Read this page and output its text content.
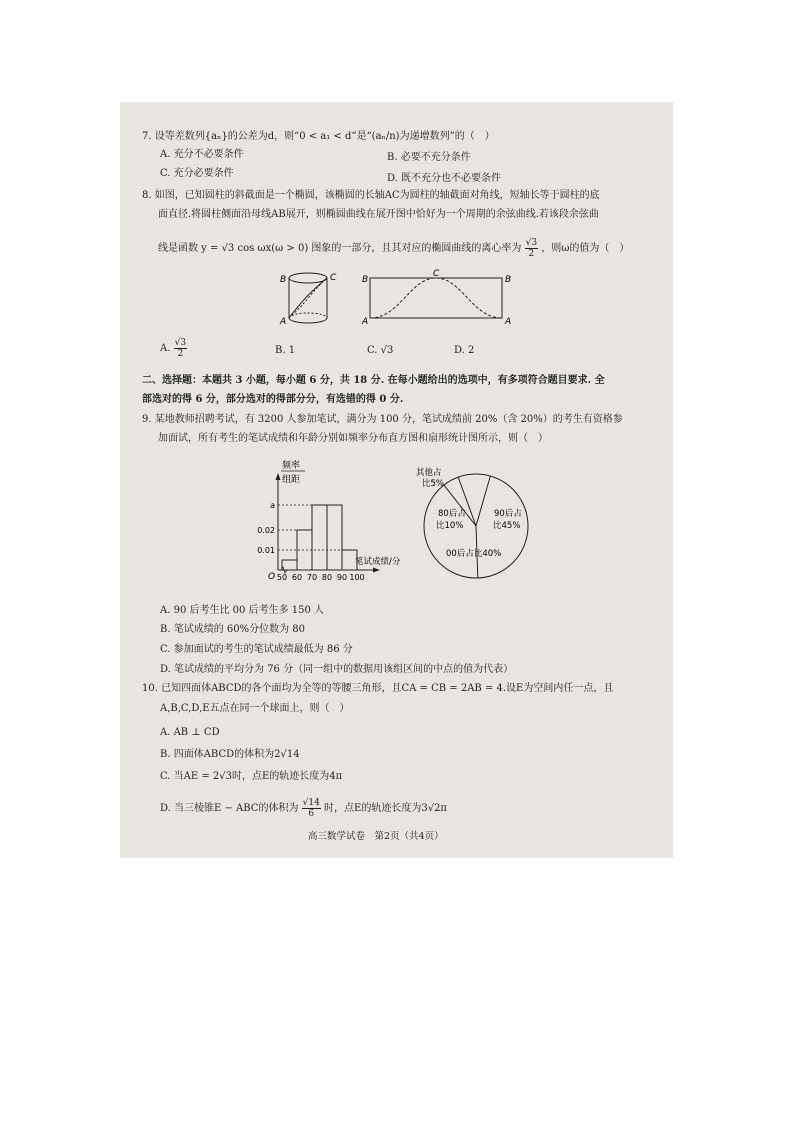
7. 设等差数列{aₙ}的公差为d，则“0 < a₁ < d”是“(aₙ/n)为递增数列”的（　）
A. 充分不必要条件	B. 必要不充分条件
C. 充分必要条件	D. 既不充分也不必要条件
8. 如图，已知圆柱的斜截面是一个椭圆，该椭圆的长轴AC为圆柱的轴截面对角线，短轴长等于圆柱的底
面直径.将圆柱侧面沿母线AB展开，则椭圆曲线在展开图中恰好为一个周期的余弦曲线.若该段余弦曲
线是函数 y = √3 cos ωx(ω > 0) 图象的一部分，且其对应的椭圆曲线的离心率为 $\frac{√3}{2}$ ，则ω的值为（　）
B	C
A
B
C
B
A	A
A. $\frac{√3}{2}$	B. 1	C. √3	D. 2
二、选择题：本题共 3 小题，每小题 6 分，共 18 分. 在每小题给出的选项中，有多项符合题目要求. 全
部选对的得 6 分，部分选对的得部分分，有选错的得 0 分.
9. 某地教师招聘考试，有 3200 人参加笔试，满分为 100 分，笔试成绩前 20%（含 20%）的考生有资格参
加面试，所有考生的笔试成绩和年龄分别如频率分布直方图和扇形统计图所示，则（　）
频率
组距
O
0.01
0.02
a
50 60 70 80 90 100
笔试成绩/分
其他占
比5%
80后占
比10%
90后占
比45%
00后占比40%
A. 90 后考生比 00 后考生多 150 人
B. 笔试成绩的 60%分位数为 80
C. 参加面试的考生的笔试成绩最低为 86 分
D. 笔试成绩的平均分为 76 分（同一组中的数据用该组区间的中点的值为代表）
10. 已知四面体ABCD的各个面均为全等的等腰三角形，且CA = CB = 2AB = 4.设E为空间内任一点，且
A,B,C,D,E五点在同一个球面上，则（　）
A. AB ⊥ CD
B. 四面体ABCD的体积为2√14
C. 当AE = 2√3时，点E的轨迹长度为4π
D. 当三棱锥E − ABC的体积为 $\frac{√14}{6}$ 时，点E的轨迹长度为3√2π
高三数学试卷　第2页（共4页）
